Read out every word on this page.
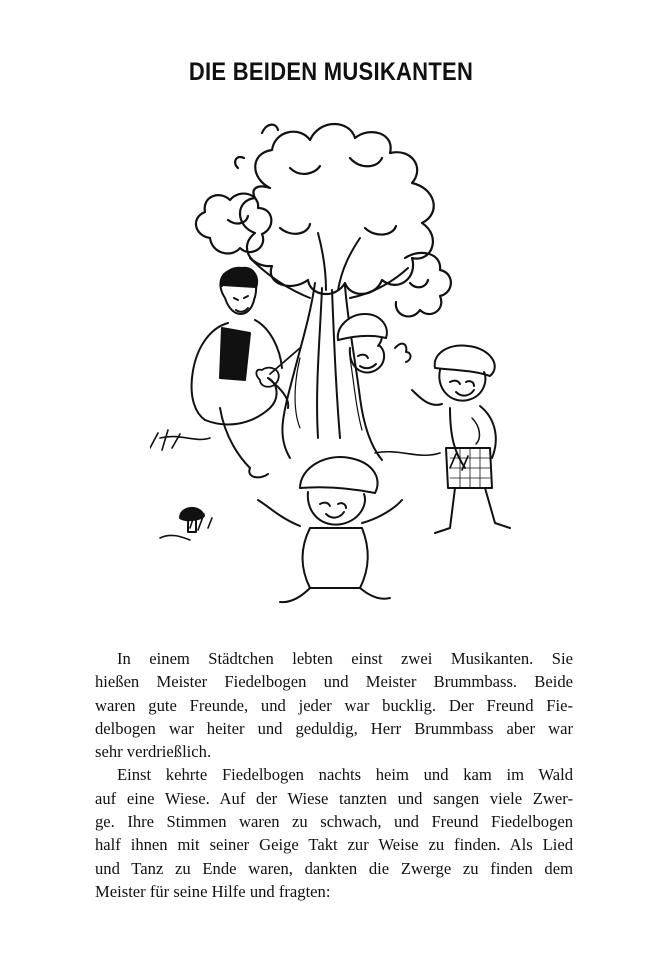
DIE BEIDEN MUSIKANTEN

In einem Städtchen lebten einst zwei Musikanten. Sie
hießen Meister Fiedelbogen und Meister Brummbass. Beide
waren gute Freunde, und jeder war bucklig. Der Freund Fie-
delbogen war heiter und geduldig, Herr Brummbass aber war
sehr verdrießlich.

Einst kehrte Fiedelbogen nachts heim und kam im Wald
auf eine Wiese. Auf der Wiese tanzten und sangen viele Zwer-
ge. Ihre Stimmen waren zu schwach, und Freund Fiedelbogen
half ihnen mit seiner Geige Takt zur Weise zu finden. Als Lied
und Tanz zu Ende waren, dankten die Zwerge zu finden dem
Meister für seine Hilfe und fragten:
